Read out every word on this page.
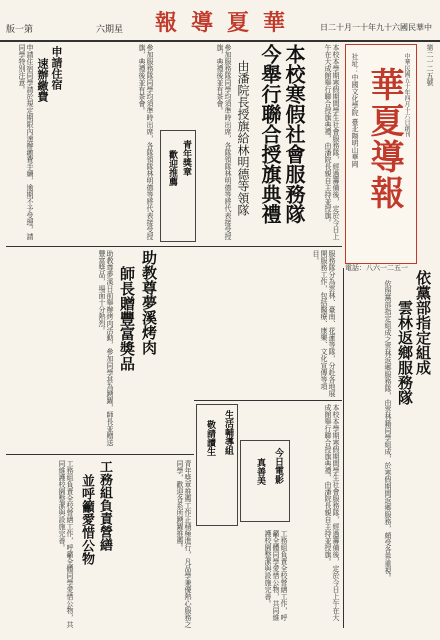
版一第	六期星 報導夏華	日二十月一十年九十六國民華中
社址：中國文化學院 臺北陽明山華岡 華夏導報 中華民國五十年四月十六日創刊	第二一二五號
電話：八六一二五一
本校寒假社會服務隊
今舉行聯合授旗典禮
由潘院長授旗給林明德等領隊	本校本學期寒假期間學生社會服務隊，經過籌備後，定於今日上午在大成館舉行聯合授旗典禮，由潘院長親自主持並授旗。
參加服務隊同學均須準時出席，各隊領隊林明德等將代表接受授旗，典禮後並有茶會。
青年獎章
歡迎推薦
服務隊分為雲林、臺南、花蓮等隊，分赴各地展開服務工作，包括醫療、康樂、文化宣傳等項目。
依黨部指定組成
雲林返鄉服務隊
依照黨部指定組成之雲林返鄉服務隊，由雲林籍同學組成，於寒假期間返鄉服務，頗受各界重視。
生活輔導組
敬請讀生
今日電影
真善美	本校本學期寒假期間學生社會服務隊，經過籌備後，定於今日上午在大成館舉行聯合授旗典禮，由潘院長親自主持並授旗。
工務組負責全校營繕工作，呼籲全體同學愛惜公物，共同維護校園整潔與設施完善。
助教尊夢溪烤肉
師長贈豐富獎品
助教尊夢溪日前舉辦烤肉活動，參加同學甚為踴躍，師長並贈送豐富獎品，場面十分熱烈。
工務組負責營繕
並呼籲愛惜公物
工務組負責全校營繕工作，呼籲全體同學愛惜公物，共同維護校園整潔與設施完善。	青年獎章推薦工作正積極進行，凡品學兼優熱心服務之同學，歡迎各系所踴躍推薦。
申請住宿
速辦繳費
申請住宿同學請於規定期限內速辦繳費手續，逾期不予受理，請同學特別注意。	參加服務隊同學均須準時出席，各隊領隊林明德等將代表接受授旗，典禮後並有茶會。
